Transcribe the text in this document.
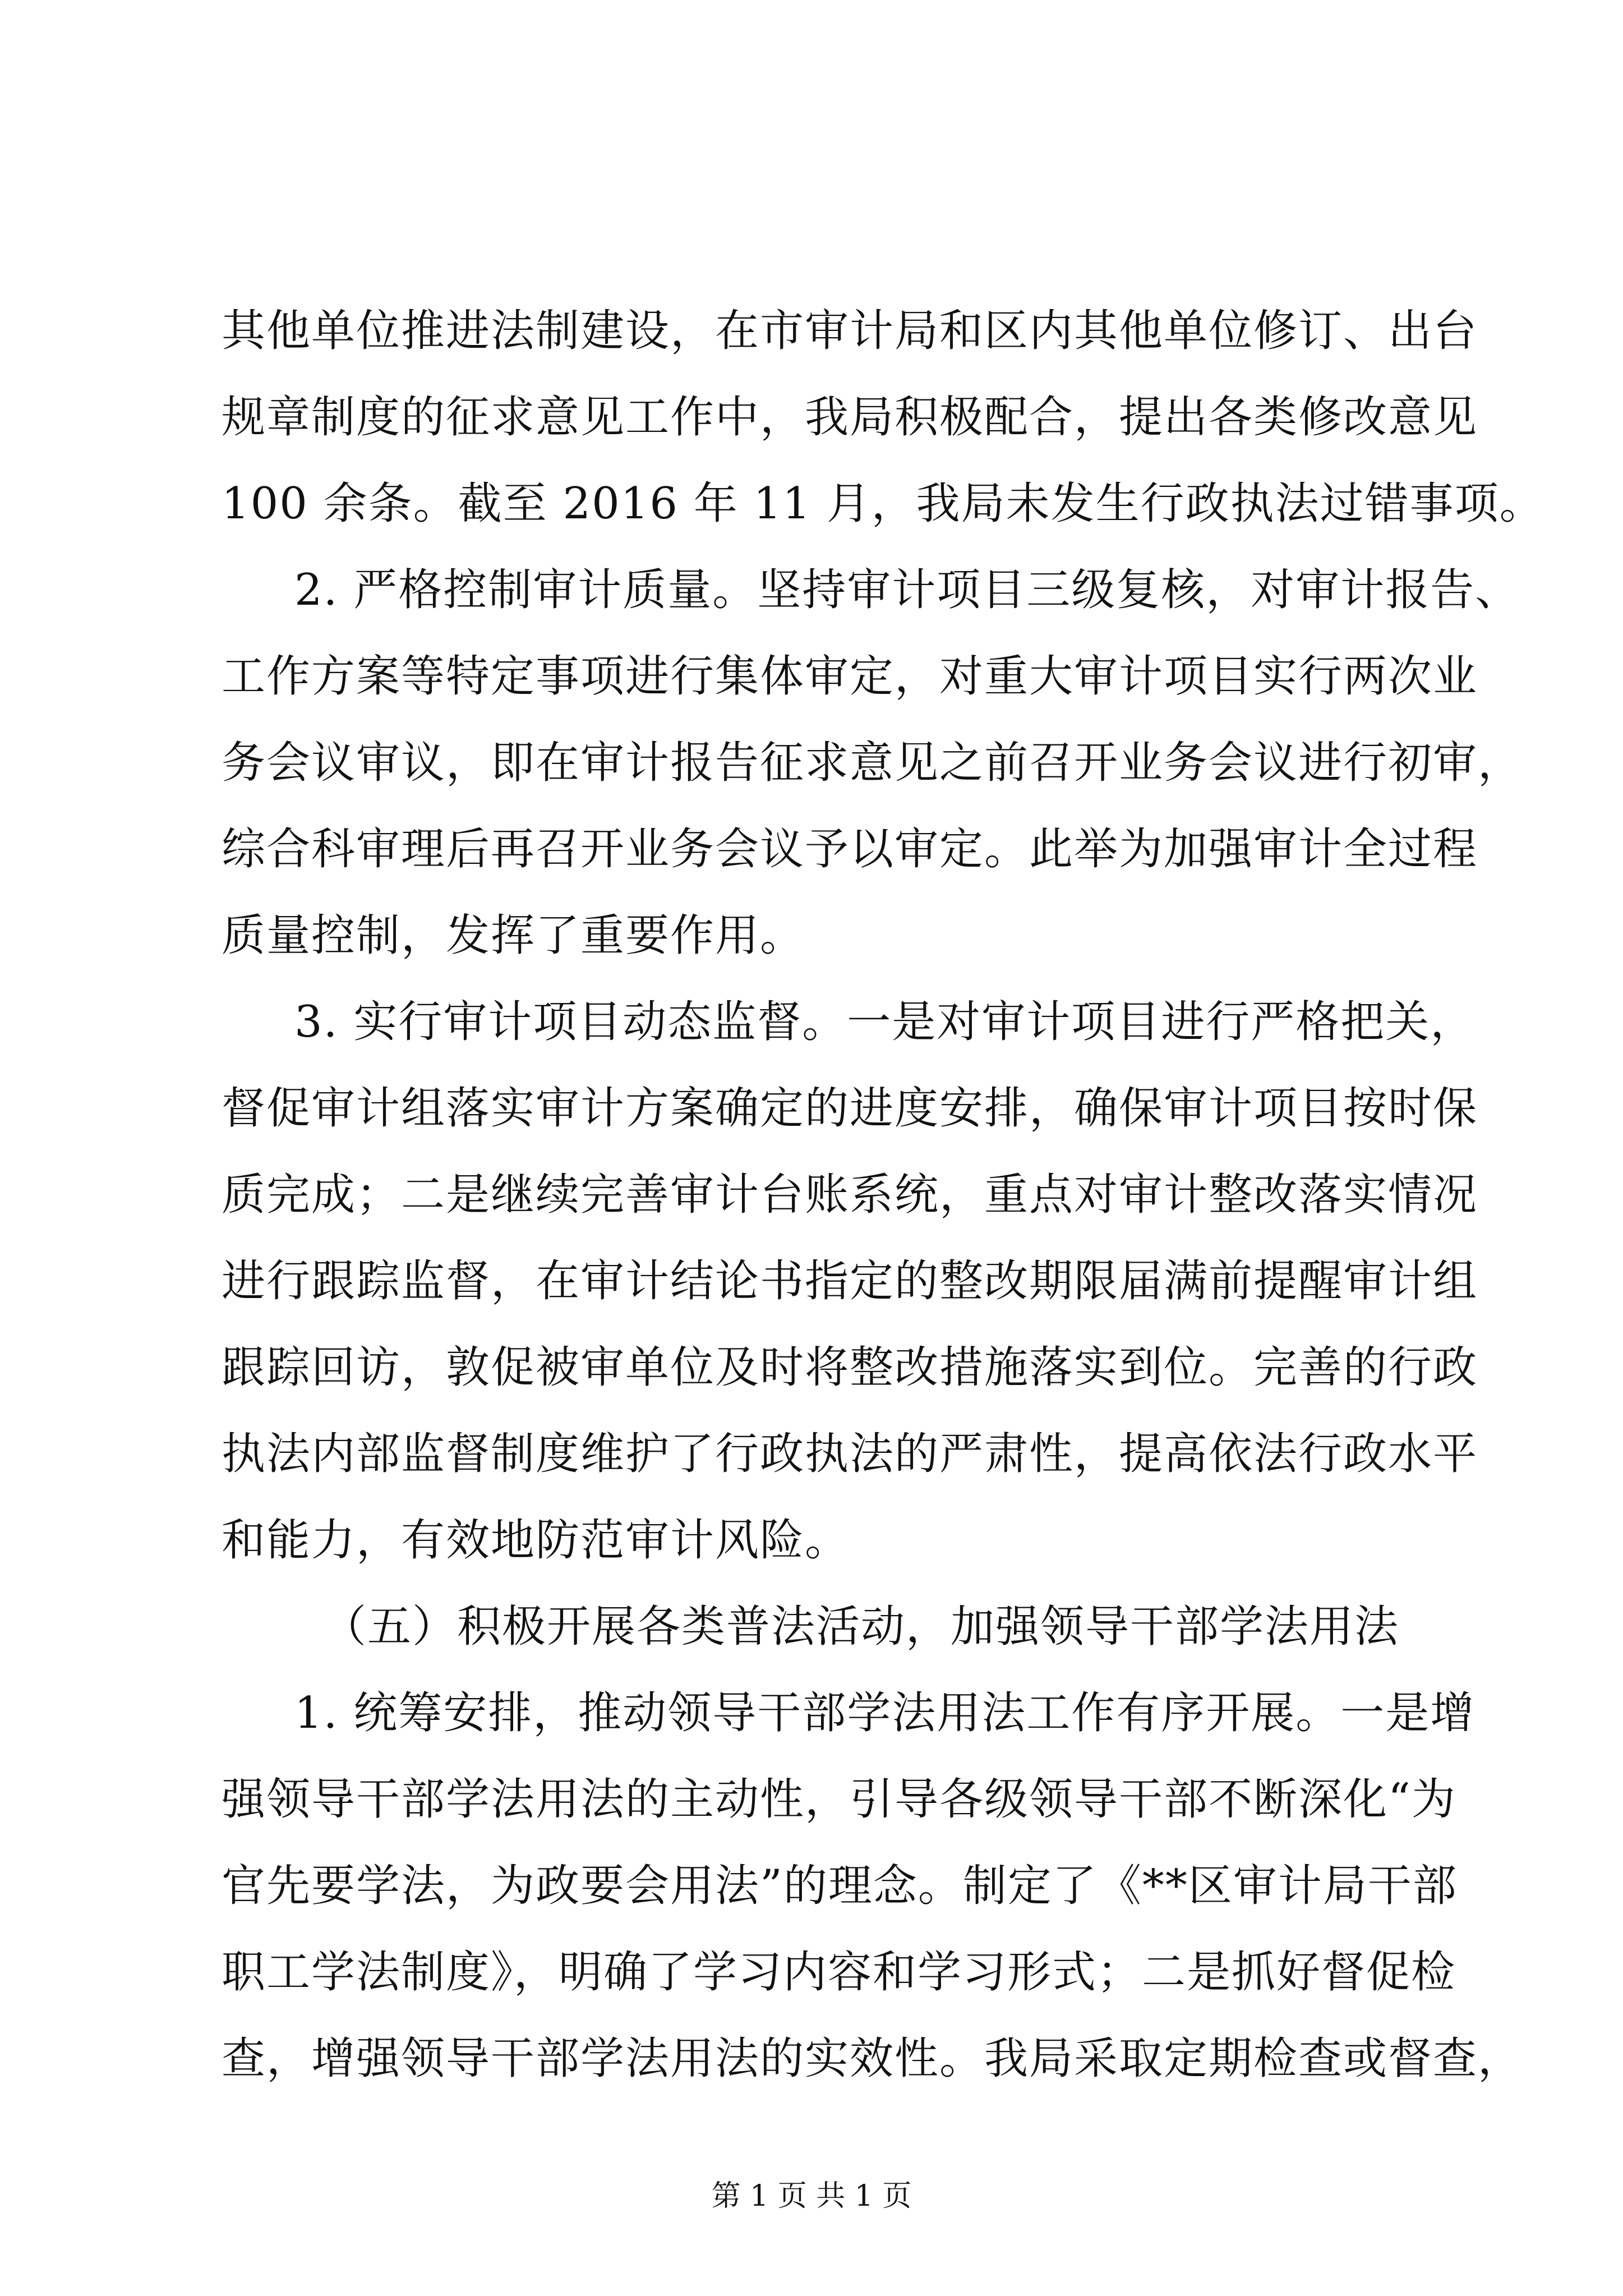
其他单位推进法制建设，在市审计局和区内其他单位修订、出台
规章制度的征求意见工作中，我局积极配合，提出各类修改意见
100 余条。截至 2016 年 11 月，我局未发生行政执法过错事项。
2. 严格控制审计质量。坚持审计项目三级复核，对审计报告、
工作方案等特定事项进行集体审定，对重大审计项目实行两次业
务会议审议，即在审计报告征求意见之前召开业务会议进行初审，
综合科审理后再召开业务会议予以审定。此举为加强审计全过程
质量控制，发挥了重要作用。
3. 实行审计项目动态监督。一是对审计项目进行严格把关，
督促审计组落实审计方案确定的进度安排，确保审计项目按时保
质完成；二是继续完善审计台账系统，重点对审计整改落实情况
进行跟踪监督，在审计结论书指定的整改期限届满前提醒审计组
跟踪回访，敦促被审单位及时将整改措施落实到位。完善的行政
执法内部监督制度维护了行政执法的严肃性，提高依法行政水平
和能力，有效地防范审计风险。
（五）积极开展各类普法活动，加强领导干部学法用法
1. 统筹安排，推动领导干部学法用法工作有序开展。一是增
强领导干部学法用法的主动性，引导各级领导干部不断深化“为
官先要学法，为政要会用法”的理念。制定了《**区审计局干部
职工学法制度》，明确了学习内容和学习形式；二是抓好督促检
查，增强领导干部学法用法的实效性。我局采取定期检查或督查，
第 1 页 共 1 页
